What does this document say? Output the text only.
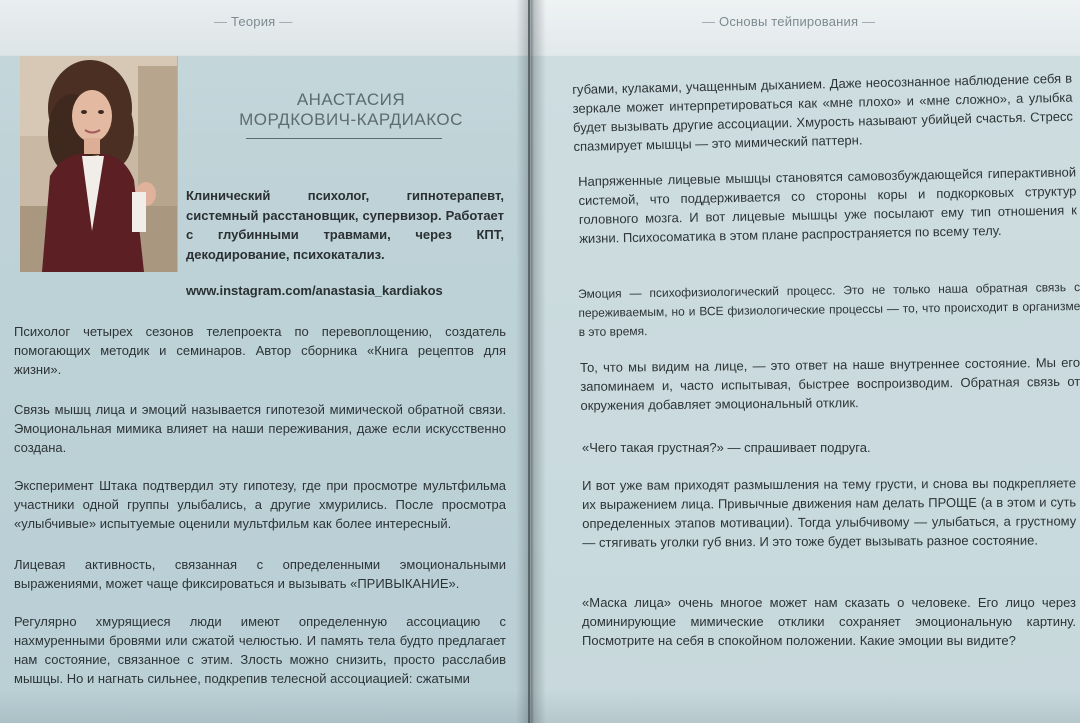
— Теория —
АНАСТАСИЯ
МОРДКОВИЧ-КАРДИАКОС
Клинический психолог, гипнотерапевт, системный расстановщик, супервизор. Работает с глубинными травмами, через КПТ, декодирование, психокатализ.
www.instagram.com/anastasia_kardiakos
Психолог четырех сезонов телепроекта по перевоплощению, создатель помогающих методик и семинаров. Автор сборника «Книга рецептов для жизни».
Связь мышц лица и эмоций называется гипотезой мимической обратной связи. Эмоциональная мимика влияет на наши переживания, даже если искусственно создана.
Эксперимент Штака подтвердил эту гипотезу, где при просмотре мультфильма участники одной группы улыбались, а другие хмурились. После просмотра «улыбчивые» испытуемые оценили мультфильм как более интересный.
Лицевая активность, связанная с определенными эмоциональными выражениями, может чаще фиксироваться и вызывать «ПРИВЫКАНИЕ».
Регулярно хмурящиеся люди имеют определенную ассоциацию с нахмуренными бровями или сжатой челюстью. И память тела будто предлагает нам состояние, связанное с этим. Злость можно снизить, просто расслабив мышцы. Но и нагнать сильнее, подкрепив телесной ассоциацией: сжатыми
— Основы тейпирования —
губами, кулаками, учащенным дыханием. Даже неосознанное наблюдение себя в зеркале может интерпретироваться как «мне плохо» и «мне сложно», а улыбка будет вызывать другие ассоциации. Хмурость называют убийцей счастья. Стресс спазмирует мышцы — это мимический паттерн.
Напряженные лицевые мышцы становятся самовозбуждающейся гиперактивной системой, что поддерживается со стороны коры и подкорковых структур головного мозга. И вот лицевые мышцы уже посылают ему тип отношения к жизни. Психосоматика в этом плане распространяется по всему телу.
Эмоция — психофизиологический процесс. Это не только наша обратная связь с переживаемым, но и ВСЕ физиологические процессы — то, что происходит в организме в это время.
То, что мы видим на лице, — это ответ на наше внутреннее состояние. Мы его запоминаем и, часто испытывая, быстрее воспроизводим. Обратная связь от окружения добавляет эмоциональный отклик.
«Чего такая грустная?» — спрашивает подруга.
И вот уже вам приходят размышления на тему грусти, и снова вы подкрепляете их выражением лица. Привычные движения нам делать ПРОЩЕ (а в этом и суть определенных этапов мотивации). Тогда улыбчивому — улыбаться, а грустному — стягивать уголки губ вниз. И это тоже будет вызывать разное состояние.
«Маска лица» очень многое может нам сказать о человеке. Его лицо через доминирующие мимические отклики сохраняет эмоциональную картину. Посмотрите на себя в спокойном положении. Какие эмоции вы видите?
